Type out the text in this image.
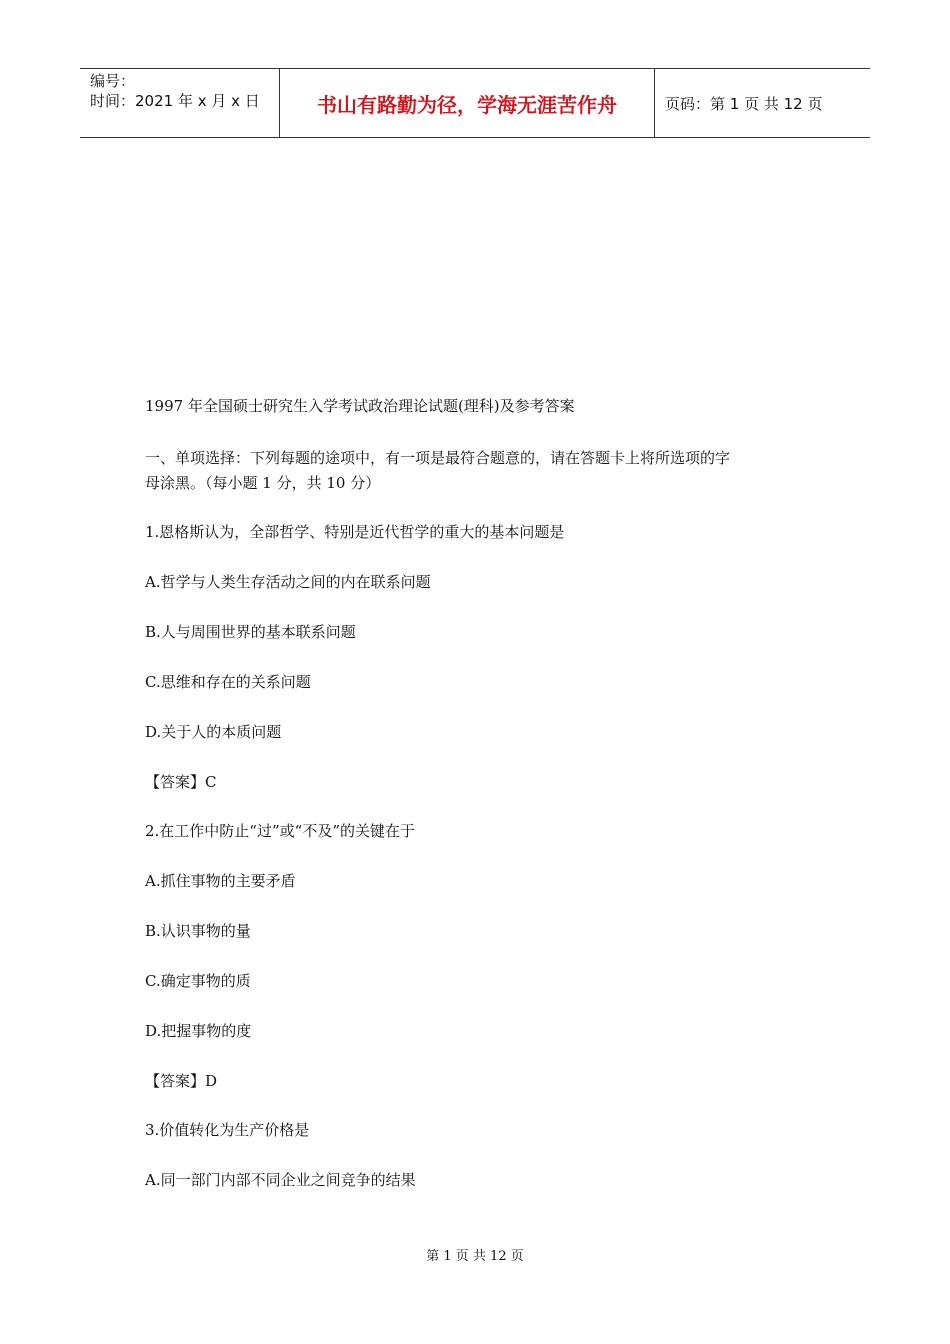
编号：
时间：2021 年 x 月 x 日	书山有路勤为径，学海无涯苦作舟	页码：第 1 页 共 12 页
1997 年全国硕士研究生入学考试政治理论试题(理科)及参考答案
一、单项选择：下列每题的途项中，有一项是最符合题意的，请在答题卡上将所选项的字
母涂黑。（每小题 1 分，共 10 分）
1.恩格斯认为，全部哲学、特别是近代哲学的重大的基本问题是
A.哲学与人类生存活动之间的内在联系问题
B.人与周围世界的基本联系问题
C.思维和存在的关系问题
D.关于人的本质问题
【答案】C
2.在工作中防止“过”或“不及”的关键在于
A.抓住事物的主要矛盾
B.认识事物的量
C.确定事物的质
D.把握事物的度
【答案】D
3.价值转化为生产价格是
A.同一部门内部不同企业之间竞争的结果
第 1 页 共 12 页
